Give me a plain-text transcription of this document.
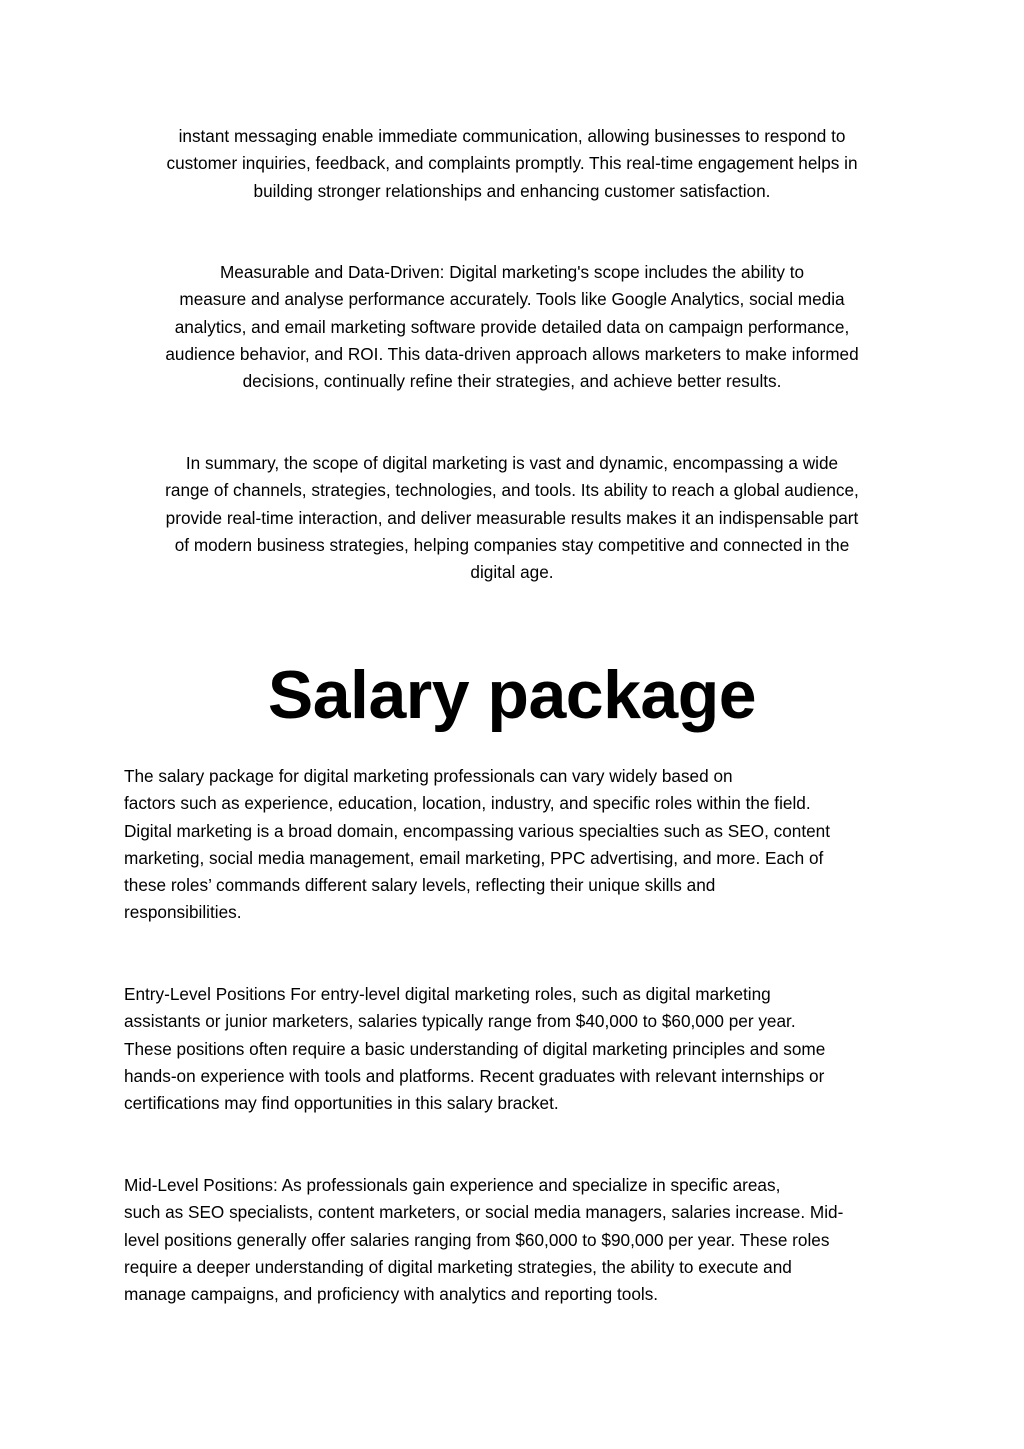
instant messaging enable immediate communication, allowing businesses to respond to
customer inquiries, feedback, and complaints promptly. This real-time engagement helps in
building stronger relationships and enhancing customer satisfaction.

Measurable and Data-Driven: Digital marketing's scope includes the ability to
measure and analyse performance accurately. Tools like Google Analytics, social media
analytics, and email marketing software provide detailed data on campaign performance,
audience behavior, and ROI. This data-driven approach allows marketers to make informed
decisions, continually refine their strategies, and achieve better results.

In summary, the scope of digital marketing is vast and dynamic, encompassing a wide
range of channels, strategies, technologies, and tools. Its ability to reach a global audience,
provide real-time interaction, and deliver measurable results makes it an indispensable part
of modern business strategies, helping companies stay competitive and connected in the
digital age.

Salary package

The salary package for digital marketing professionals can vary widely based on
factors such as experience, education, location, industry, and specific roles within the field.
Digital marketing is a broad domain, encompassing various specialties such as SEO, content
marketing, social media management, email marketing, PPC advertising, and more. Each of
these roles’ commands different salary levels, reflecting their unique skills and
responsibilities.

Entry-Level Positions For entry-level digital marketing roles, such as digital marketing
assistants or junior marketers, salaries typically range from $40,000 to $60,000 per year.
These positions often require a basic understanding of digital marketing principles and some
hands-on experience with tools and platforms. Recent graduates with relevant internships or
certifications may find opportunities in this salary bracket.

Mid-Level Positions: As professionals gain experience and specialize in specific areas,
such as SEO specialists, content marketers, or social media managers, salaries increase. Mid-
level positions generally offer salaries ranging from $60,000 to $90,000 per year. These roles
require a deeper understanding of digital marketing strategies, the ability to execute and
manage campaigns, and proficiency with analytics and reporting tools.
